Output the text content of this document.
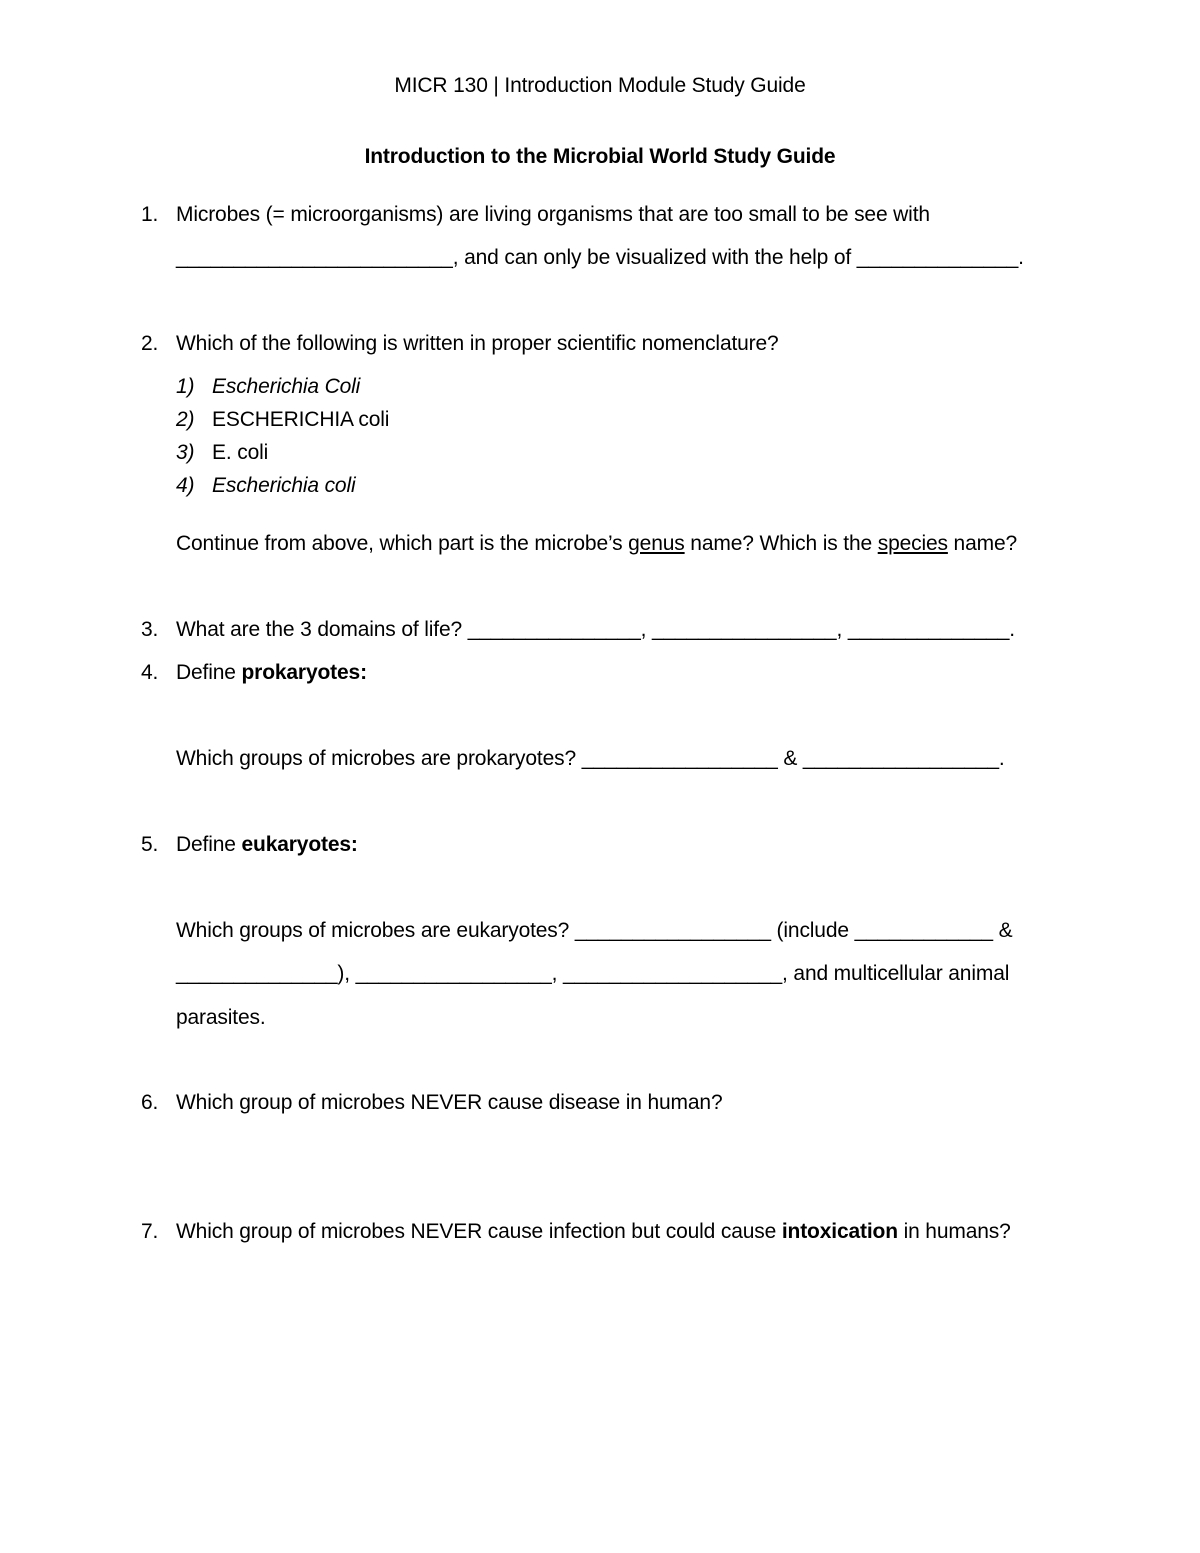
MICR 130 | Introduction Module Study Guide
Introduction to the Microbial World Study Guide
1. Microbes (= microorganisms) are living organisms that are too small to be see with
________________________, and can only be visualized with the help of ______________.
2. Which of the following is written in proper scientific nomenclature?
1) Escherichia Coli
2) ESCHERICHIA coli
3) E. coli
4) Escherichia coli
Continue from above, which part is the microbe’s genus name? Which is the species name?
3. What are the 3 domains of life? _______________, ________________, ______________.
4. Define prokaryotes:
Which groups of microbes are prokaryotes? _________________ & _________________.
5. Define eukaryotes:
Which groups of microbes are eukaryotes? _________________ (include ____________ &
______________), _________________, ___________________, and multicellular animal
parasites.
6. Which group of microbes NEVER cause disease in human?
7. Which group of microbes NEVER cause infection but could cause intoxication in humans?
